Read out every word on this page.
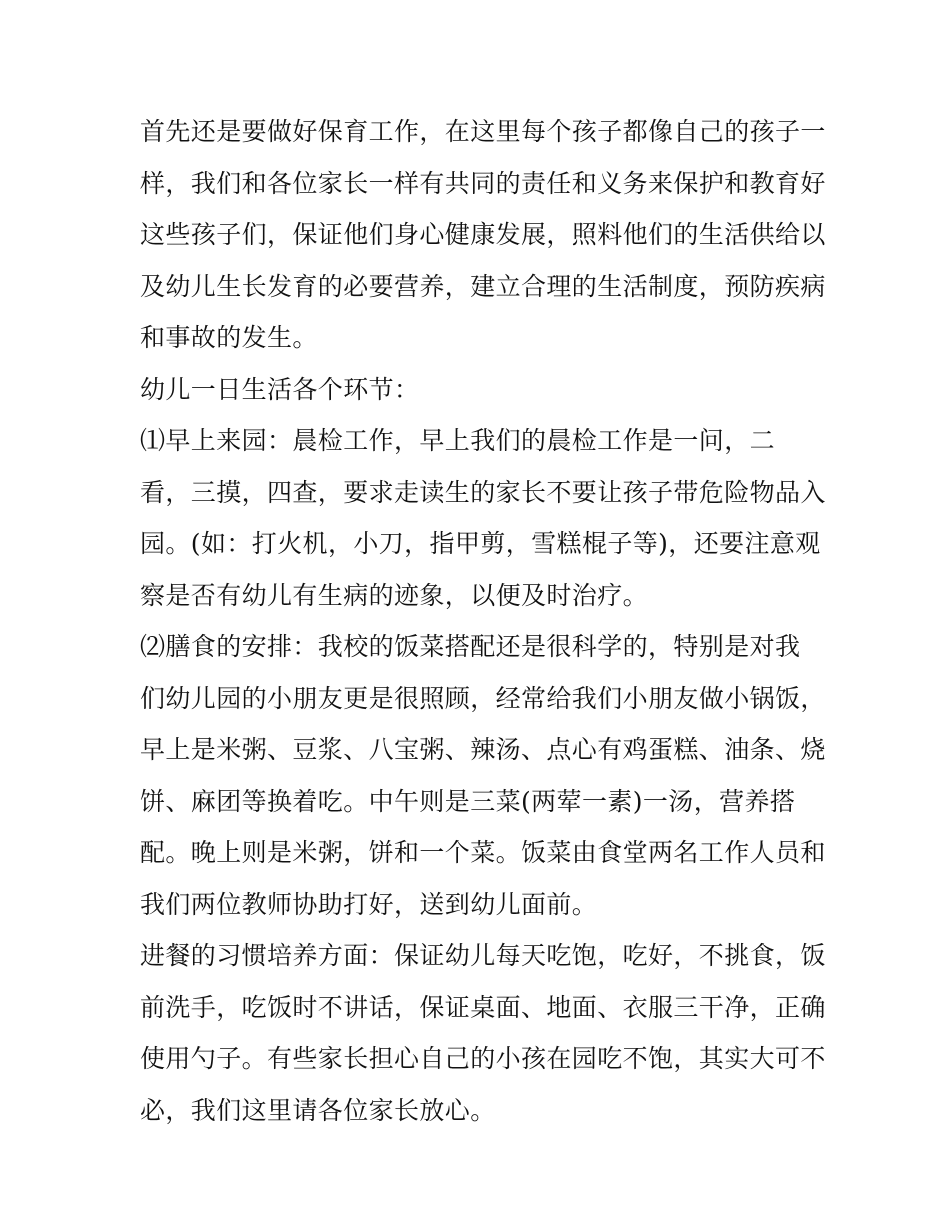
首先还是要做好保育工作，在这里每个孩子都像自己的孩子一
样，我们和各位家长一样有共同的责任和义务来保护和教育好
这些孩子们，保证他们身心健康发展，照料他们的生活供给以
及幼儿生长发育的必要营养，建立合理的生活制度，预防疾病
和事故的发生。
幼儿一日生活各个环节：
⑴早上来园：晨检工作，早上我们的晨检工作是一问，二
看，三摸，四查，要求走读生的家长不要让孩子带危险物品入
园。(如：打火机，小刀，指甲剪，雪糕棍子等)，还要注意观
察是否有幼儿有生病的迹象，以便及时治疗。
⑵膳食的安排：我校的饭菜搭配还是很科学的，特别是对我
们幼儿园的小朋友更是很照顾，经常给我们小朋友做小锅饭，
早上是米粥、豆浆、八宝粥、辣汤、点心有鸡蛋糕、油条、烧
饼、麻团等换着吃。中午则是三菜(两荤一素)一汤，营养搭
配。晚上则是米粥，饼和一个菜。饭菜由食堂两名工作人员和
我们两位教师协助打好，送到幼儿面前。
进餐的习惯培养方面：保证幼儿每天吃饱，吃好，不挑食，饭
前洗手，吃饭时不讲话，保证桌面、地面、衣服三干净，正确
使用勺子。有些家长担心自己的小孩在园吃不饱，其实大可不
必，我们这里请各位家长放心。
